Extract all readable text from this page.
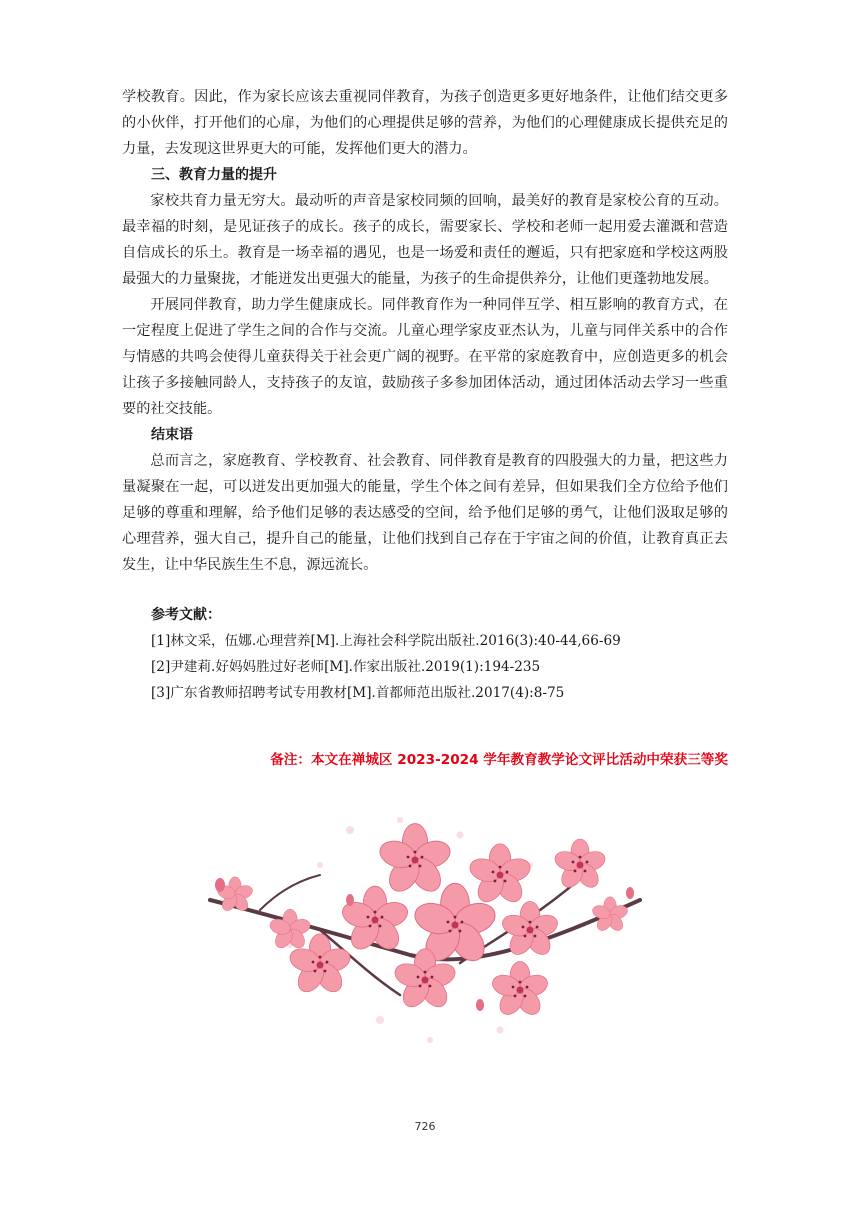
学校教育。因此，作为家长应该去重视同伴教育，为孩子创造更多更好地条件，让他们结交更多的小伙伴，打开他们的心扉，为他们的心理提供足够的营养，为他们的心理健康成长提供充足的力量，去发现这世界更大的可能，发挥他们更大的潜力。

三、教育力量的提升

家校共育力量无穷大。最动听的声音是家校同频的回响，最美好的教育是家校公育的互动。最幸福的时刻，是见证孩子的成长。孩子的成长，需要家长、学校和老师一起用爱去灌溉和营造自信成长的乐土。教育是一场幸福的遇见，也是一场爱和责任的邂逅，只有把家庭和学校这两股最强大的力量聚拢，才能迸发出更强大的能量，为孩子的生命提供养分，让他们更蓬勃地发展。

开展同伴教育，助力学生健康成长。同伴教育作为一种同伴互学、相互影响的教育方式，在一定程度上促进了学生之间的合作与交流。儿童心理学家皮亚杰认为，儿童与同伴关系中的合作与情感的共鸣会使得儿童获得关于社会更广阔的视野。在平常的家庭教育中，应创造更多的机会让孩子多接触同龄人，支持孩子的友谊，鼓励孩子多参加团体活动，通过团体活动去学习一些重要的社交技能。

结束语

总而言之，家庭教育、学校教育、社会教育、同伴教育是教育的四股强大的力量，把这些力量凝聚在一起，可以迸发出更加强大的能量，学生个体之间有差异，但如果我们全方位给予他们足够的尊重和理解，给予他们足够的表达感受的空间，给予他们足够的勇气，让他们汲取足够的心理营养，强大自己，提升自己的能量，让他们找到自己存在于宇宙之间的价值，让教育真正去发生，让中华民族生生不息，源远流长。

参考文献：

[1]林文采，伍娜.心理营养[M].上海社会科学院出版社.2016(3):40-44,66-69

[2]尹建莉.好妈妈胜过好老师[M].作家出版社.2019(1):194-235

[3]广东省教师招聘考试专用教材[M].首都师范出版社.2017(4):8-75

备注：本文在禅城区 2023-2024 学年教育教学论文评比活动中荣获三等奖
726
